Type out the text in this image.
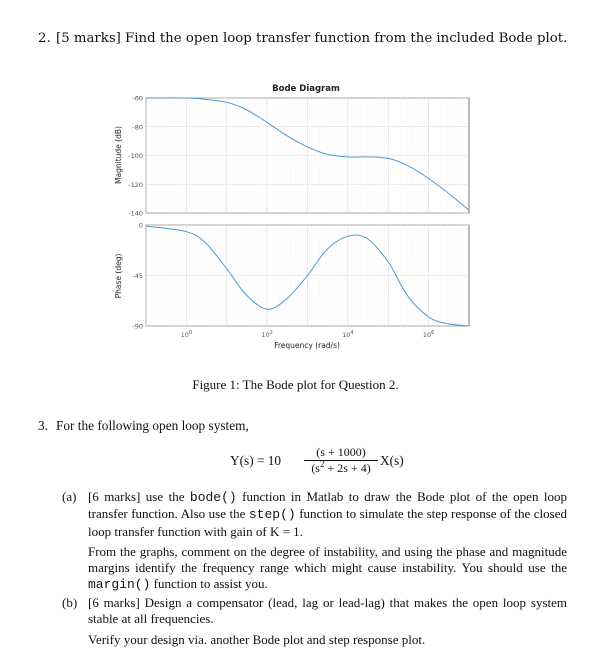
2. [5 marks] Find the open loop transfer function from the included Bode plot.
Bode Diagram
-60
-80
-100
-120
-140
Magnitude (dB)
0
-45
-90
Phase (deg)
$10^0$	$10^2$	$10^4$	$10^6$
Frequency (rad/s)
Figure 1: The Bode plot for Question 2.
3. For the following open loop system,
Y(s) = 10
(s + 1000)
$(s^2 + 2s + 4)$ X(s)
(a) [6 marks] use the bode() function in Matlab to draw the Bode plot of the open loop transfer function. Also use the step() function to simulate the step response of the closed loop transfer function with gain of K = 1.

From the graphs, comment on the degree of instability, and using the phase and magnitude margins identify the frequency range which might cause instability. You should use the margin() function to assist you.

(b) [6 marks] Design a compensator (lead, lag or lead-lag) that makes the open loop system stable at all frequencies.

Verify your design via. another Bode plot and step response plot.
